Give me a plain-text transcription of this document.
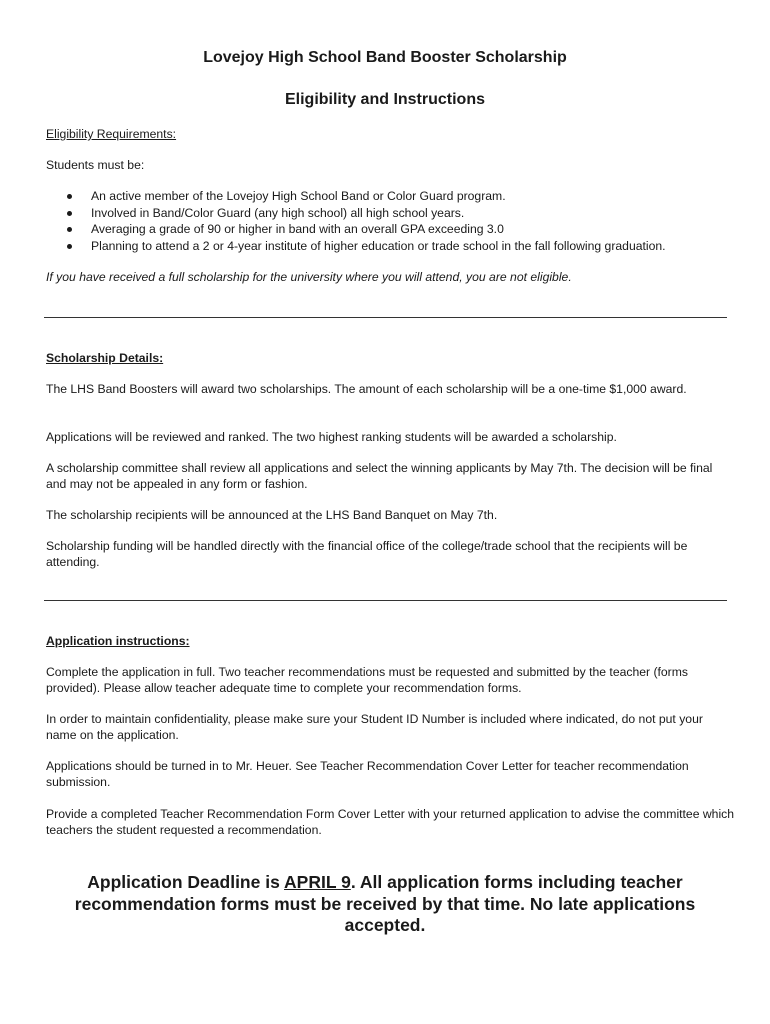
Lovejoy High School Band Booster Scholarship
Eligibility and Instructions

Eligibility Requirements:

Students must be:

An active member of the Lovejoy High School Band or Color Guard program.
Involved in Band/Color Guard (any high school) all high school years.
Averaging a grade of 90 or higher in band with an overall GPA exceeding 3.0
Planning to attend a 2 or 4-year institute of higher education or trade school in the fall following graduation.

If you have received a full scholarship for the university where you will attend, you are not eligible.

Scholarship Details:

The LHS Band Boosters will award two scholarships. The amount of each scholarship will be a one-time $1,000 award.

Applications will be reviewed and ranked. The two highest ranking students will be awarded a scholarship.

A scholarship committee shall review all applications and select the winning applicants by May 7th. The decision will be final and may not be appealed in any form or fashion.

The scholarship recipients will be announced at the LHS Band Banquet on May 7th.

Scholarship funding will be handled directly with the financial office of the college/trade school that the recipients will be attending.

Application instructions:

Complete the application in full. Two teacher recommendations must be requested and submitted by the teacher (forms provided). Please allow teacher adequate time to complete your recommendation forms.

In order to maintain confidentiality, please make sure your Student ID Number is included where indicated, do not put your name on the application.

Applications should be turned in to Mr. Heuer. See Teacher Recommendation Cover Letter for teacher recommendation submission.

Provide a completed Teacher Recommendation Form Cover Letter with your returned application to advise the committee which teachers the student requested a recommendation.

Application Deadline is APRIL 9. All application forms including teacher recommendation forms must be received by that time. No late applications accepted.
